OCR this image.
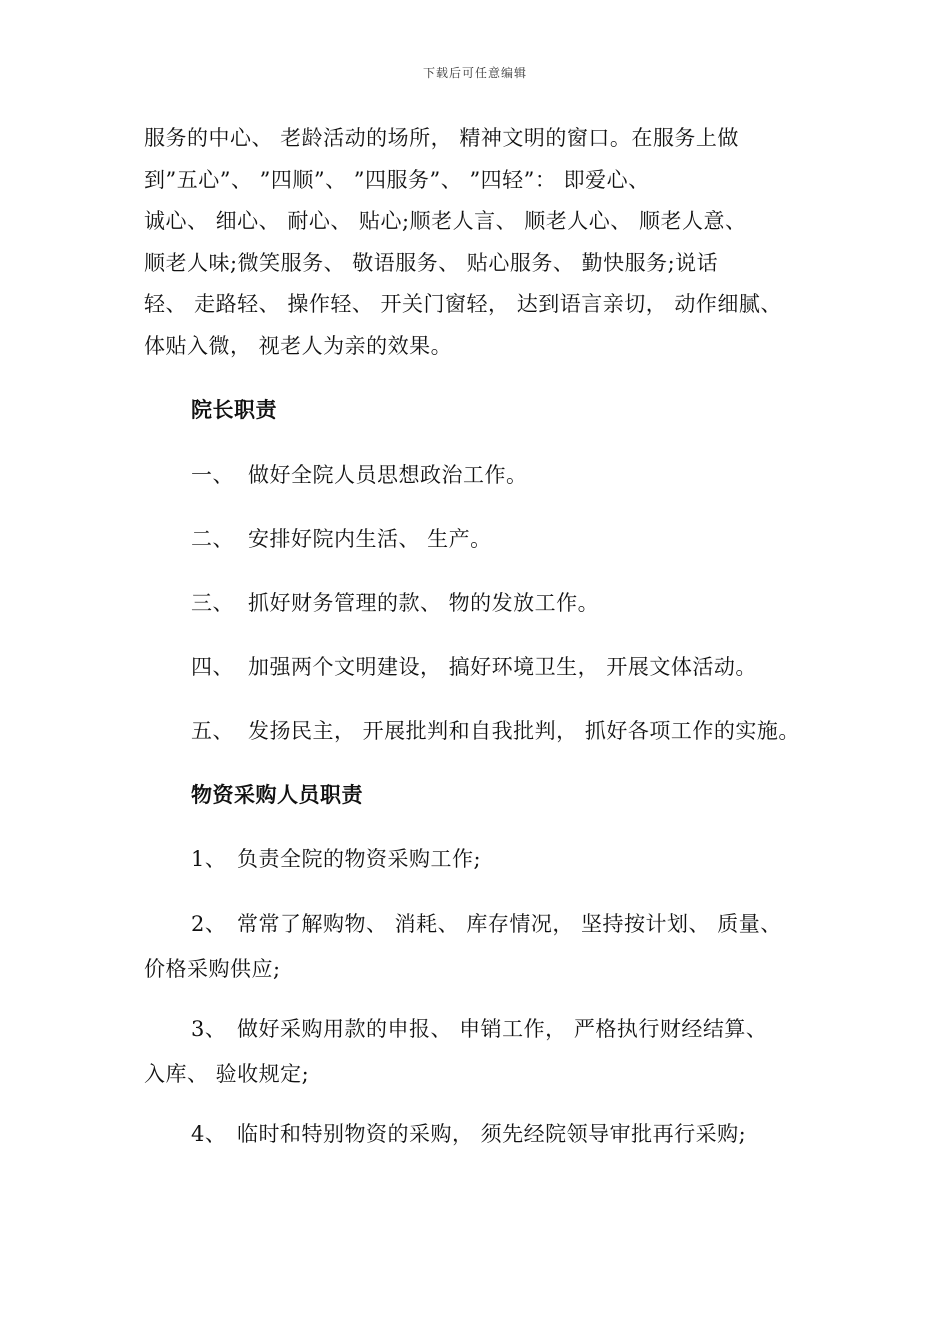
下载后可任意编辑
服务的中心、 老龄活动的场所， 精神文明的窗口。在服务上做
到”五心”、 ”四顺”、 ”四服务”、 ”四轻”： 即爱心、
诚心、 细心、 耐心、 贴心;顺老人言、 顺老人心、 顺老人意、
顺老人味;微笑服务、 敬语服务、 贴心服务、 勤快服务;说话
轻、 走路轻、 操作轻、 开关门窗轻， 达到语言亲切， 动作细腻、
体贴入微， 视老人为亲的效果。
院长职责
一、 做好全院人员思想政治工作。
二、 安排好院内生活、 生产。
三、 抓好财务管理的款、 物的发放工作。
四、 加强两个文明建设， 搞好环境卫生， 开展文体活动。
五、 发扬民主， 开展批判和自我批判， 抓好各项工作的实施。
物资采购人员职责
1、 负责全院的物资采购工作;
2、 常常了解购物、 消耗、 库存情况， 坚持按计划、 质量、
价格采购供应;
3、 做好采购用款的申报、 申销工作， 严格执行财经结算、
入库、 验收规定;
4、 临时和特别物资的采购， 须先经院领导审批再行采购;
